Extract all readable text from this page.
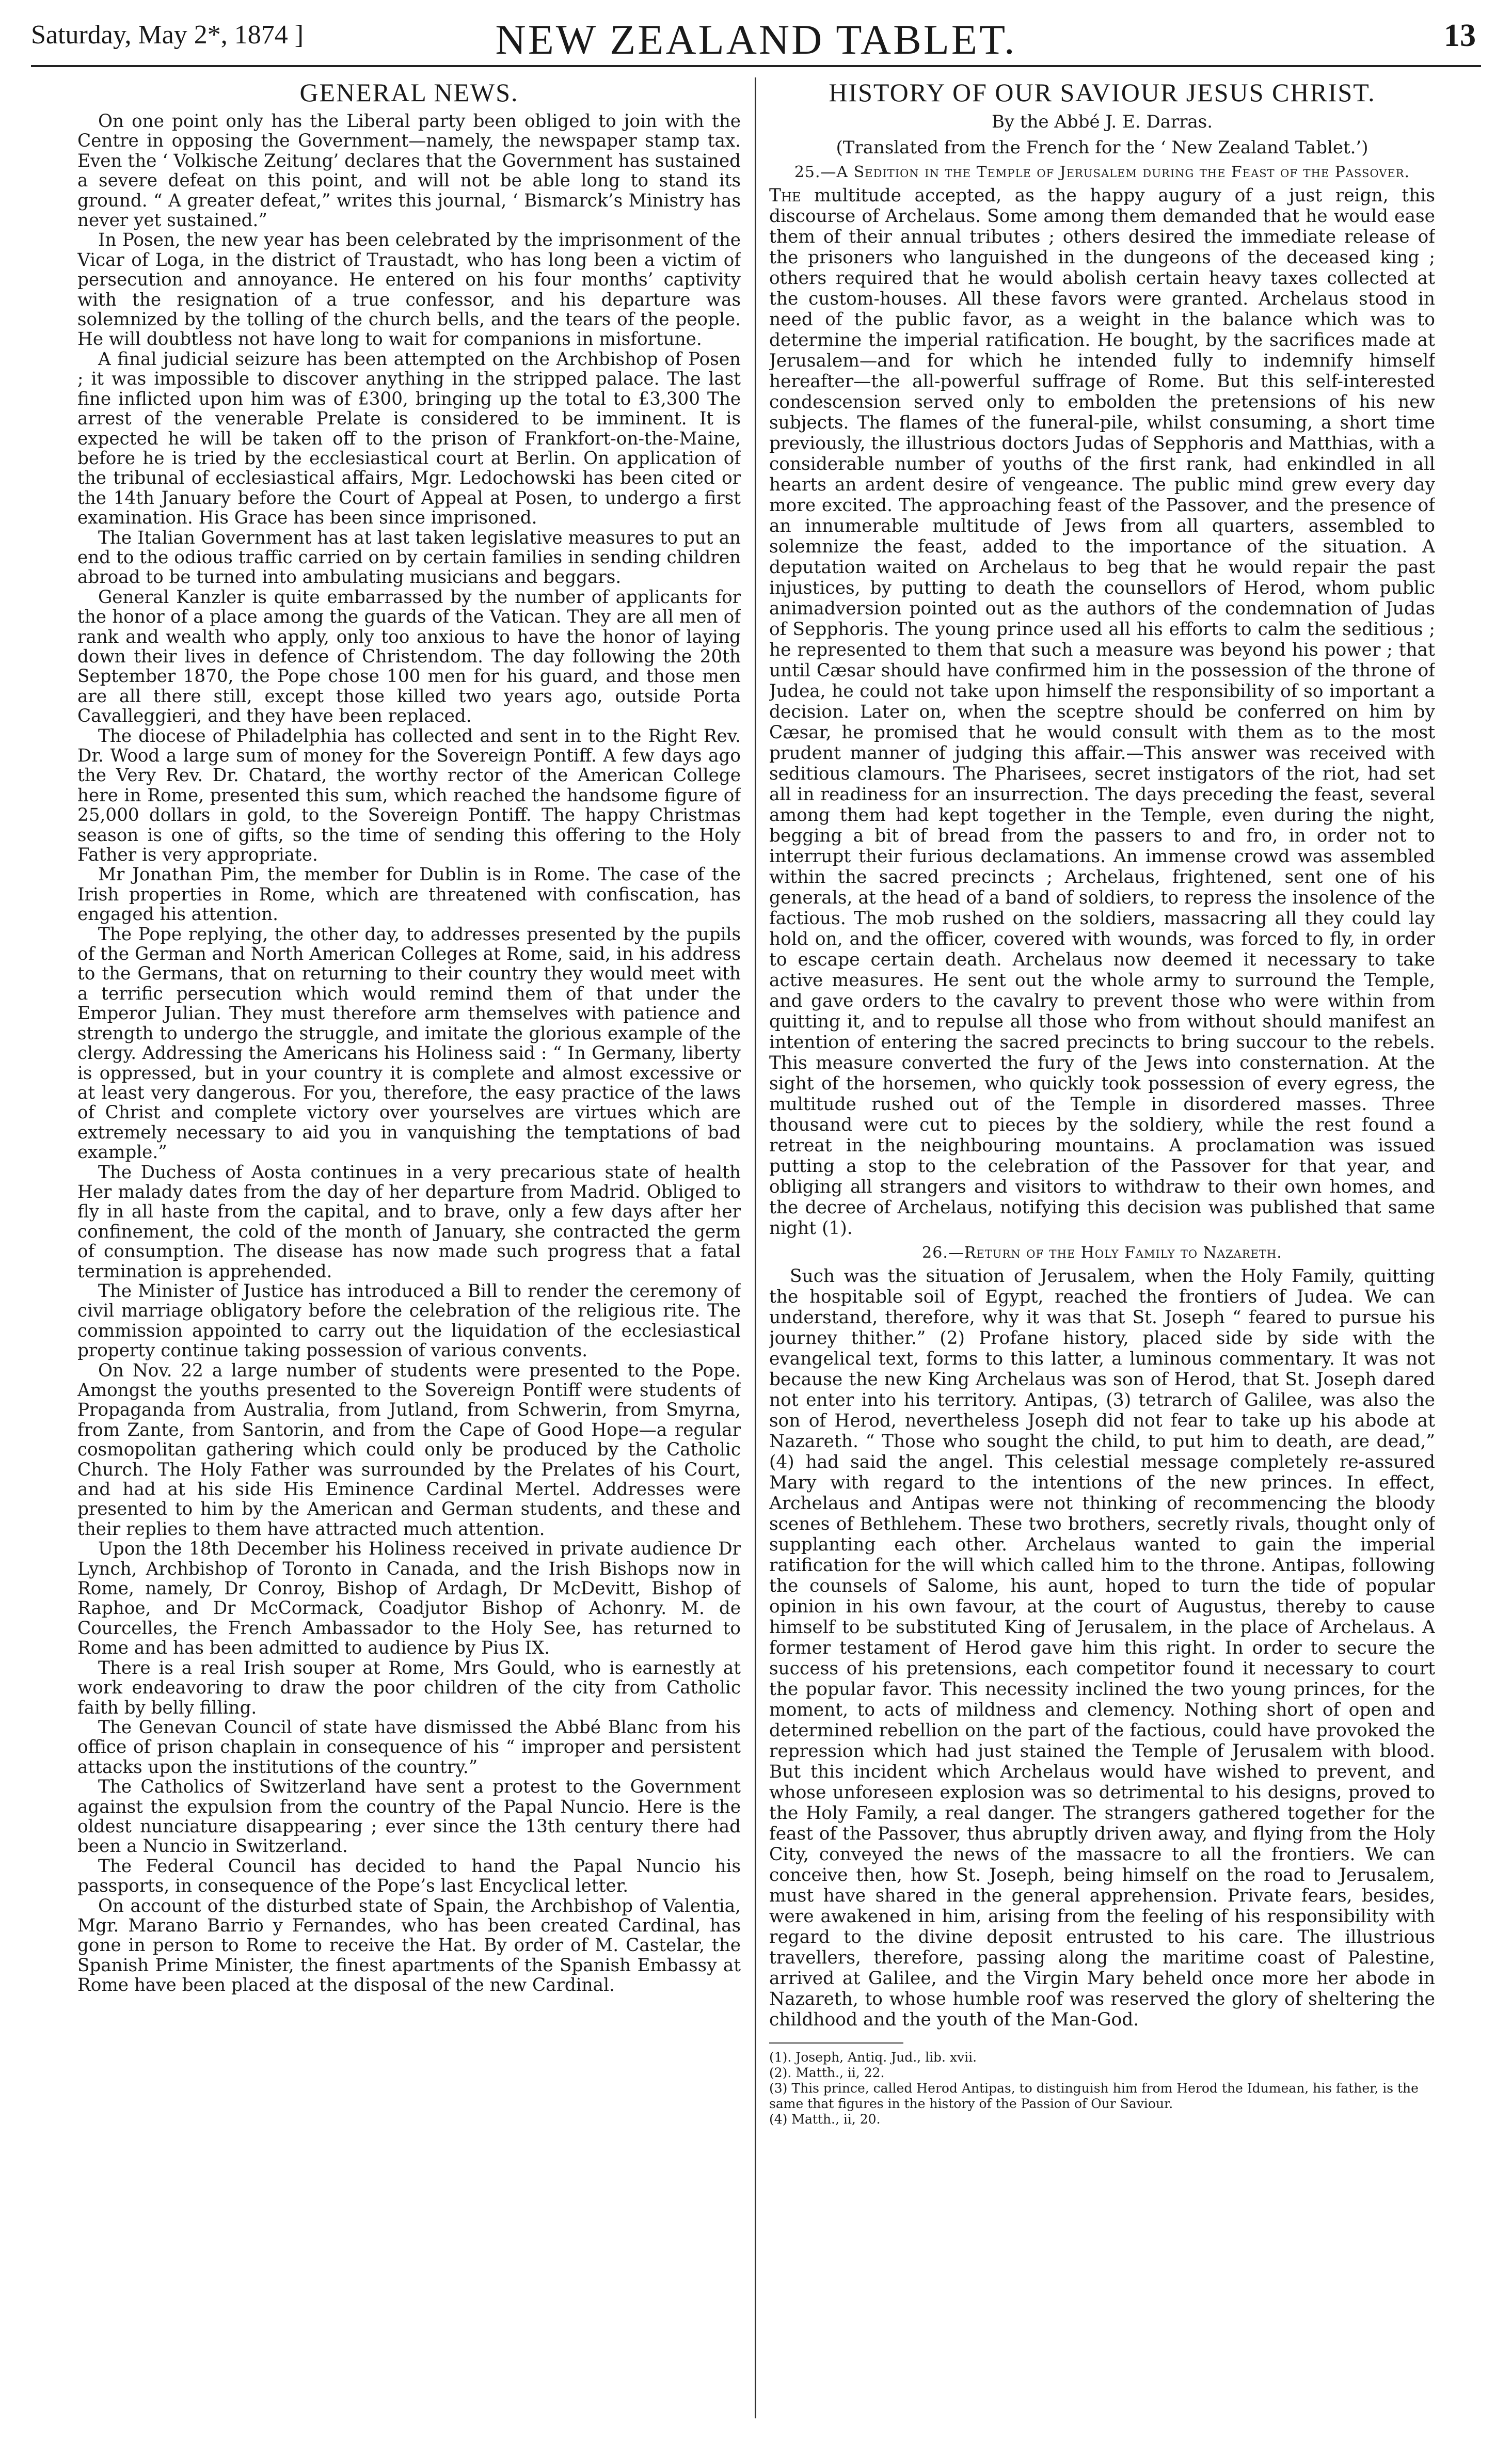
Saturday, May 2*, 1874 ]	NEW ZEALAND TABLET.	13
GENERAL NEWS.

On one point only has the Liberal party been obliged to join with the Centre in opposing the Government—namely, the newspaper stamp tax. Even the ‘ Volkische Zeitung’ declares that the Government has sustained a severe defeat on this point, and will not be able long to stand its ground. “ A greater defeat,” writes this journal, ‘ Bismarck’s Ministry has never yet sustained.”

In Posen, the new year has been celebrated by the imprisonment of the Vicar of Loga, in the district of Traustadt, who has long been a victim of persecution and annoyance. He entered on his four months’ captivity with the resignation of a true confessor, and his departure was solemnized by the tolling of the church bells, and the tears of the people. He will doubtless not have long to wait for companions in misfortune.

A final judicial seizure has been attempted on the Archbishop of Posen ; it was impossible to discover anything in the stripped palace. The last fine inflicted upon him was of £300, bringing up the total to £3,300 The arrest of the venerable Prelate is considered to be imminent. It is expected he will be taken off to the prison of Frankfort-on-the-Maine, before he is tried by the ecclesiastical court at Berlin. On application of the tribunal of ecclesiastical affairs, Mgr. Ledochowski has been cited or the 14th January before the Court of Appeal at Posen, to undergo a first examination. His Grace has been since imprisoned.

The Italian Government has at last taken legislative measures to put an end to the odious traffic carried on by certain families in sending children abroad to be turned into ambulating musicians and beggars.

General Kanzler is quite embarrassed by the number of applicants for the honor of a place among the guards of the Vatican. They are all men of rank and wealth who apply, only too anxious to have the honor of laying down their lives in defence of Christendom. The day following the 20th September 1870, the Pope chose 100 men for his guard, and those men are all there still, except those killed two years ago, outside Porta Cavalleggieri, and they have been replaced.

The diocese of Philadelphia has collected and sent in to the Right Rev. Dr. Wood a large sum of money for the Sovereign Pontiff. A few days ago the Very Rev. Dr. Chatard, the worthy rector of the American College here in Rome, presented this sum, which reached the handsome figure of 25,000 dollars in gold, to the Sovereign Pontiff. The happy Christmas season is one of gifts, so the time of sending this offering to the Holy Father is very appropriate.

Mr Jonathan Pim, the member for Dublin is in Rome. The case of the Irish properties in Rome, which are threatened with confiscation, has engaged his attention.

The Pope replying, the other day, to addresses presented by the pupils of the German and North American Colleges at Rome, said, in his address to the Germans, that on returning to their country they would meet with a terrific persecution which would remind them of that under the Emperor Julian. They must therefore arm themselves with patience and strength to undergo the struggle, and imitate the glorious example of the clergy. Addressing the Americans his Holiness said : “ In Germany, liberty is oppressed, but in your country it is complete and almost excessive or at least very dangerous. For you, therefore, the easy practice of the laws of Christ and complete victory over yourselves are virtues which are extremely necessary to aid you in vanquishing the temptations of bad example.”

The Duchess of Aosta continues in a very precarious state of health Her malady dates from the day of her departure from Madrid. Obliged to fly in all haste from the capital, and to brave, only a few days after her confinement, the cold of the month of January, she contracted the germ of consumption. The disease has now made such progress that a fatal termination is apprehended.

The Minister of Justice has introduced a Bill to render the ceremony of civil marriage obligatory before the celebration of the religious rite. The commission appointed to carry out the liquidation of the ecclesiastical property continue taking possession of various convents.

On Nov. 22 a large number of students were presented to the Pope. Amongst the youths presented to the Sovereign Pontiff were students of Propaganda from Australia, from Jutland, from Schwerin, from Smyrna, from Zante, from Santorin, and from the Cape of Good Hope—a regular cosmopolitan gathering which could only be produced by the Catholic Church. The Holy Father was surrounded by the Prelates of his Court, and had at his side His Eminence Cardinal Mertel. Addresses were presented to him by the American and German students, and these and their replies to them have attracted much attention.

Upon the 18th December his Holiness received in private audience Dr Lynch, Archbishop of Toronto in Canada, and the Irish Bishops now in Rome, namely, Dr Conroy, Bishop of Ardagh, Dr McDevitt, Bishop of Raphoe, and Dr McCormack, Coadjutor Bishop of Achonry. M. de Courcelles, the French Ambassador to the Holy See, has returned to Rome and has been admitted to audience by Pius IX.

There is a real Irish souper at Rome, Mrs Gould, who is earnestly at work endeavoring to draw the poor children of the city from Catholic faith by belly filling.

The Genevan Council of state have dismissed the Abbé Blanc from his office of prison chaplain in consequence of his “ improper and persistent attacks upon the institutions of the country.”

The Catholics of Switzerland have sent a protest to the Government against the expulsion from the country of the Papal Nuncio. Here is the oldest nunciature disappearing ; ever since the 13th century there had been a Nuncio in Switzerland.

The Federal Council has decided to hand the Papal Nuncio his passports, in consequence of the Pope’s last Encyclical letter.

On account of the disturbed state of Spain, the Archbishop of Valentia, Mgr. Marano Barrio y Fernandes, who has been created Cardinal, has gone in person to Rome to receive the Hat. By order of M. Castelar, the Spanish Prime Minister, the finest apartments of the Spanish Embassy at Rome have been placed at the disposal of the new Cardinal.

HISTORY OF OUR SAVIOUR JESUS CHRIST.
By the Abbé J. E. Darras.
(Translated from the French for the ‘ New Zealand Tablet.’)
25.—A Sedition in the Temple of Jerusalem during the Feast of the Passover.

The multitude accepted, as the happy augury of a just reign, this discourse of Archelaus. Some among them demanded that he would ease them of their annual tributes ; others desired the immediate release of the prisoners who languished in the dungeons of the deceased king ; others required that he would abolish certain heavy taxes collected at the custom-houses. All these favors were granted. Archelaus stood in need of the public favor, as a weight in the balance which was to determine the imperial ratification. He bought, by the sacrifices made at Jerusalem—and for which he intended fully to indemnify himself hereafter—the all-powerful suffrage of Rome. But this self-interested condescension served only to embolden the pretensions of his new subjects. The flames of the funeral-pile, whilst consuming, a short time previously, the illustrious doctors Judas of Sepphoris and Matthias, with a considerable number of youths of the first rank, had enkindled in all hearts an ardent desire of vengeance. The public mind grew every day more excited. The approaching feast of the Passover, and the presence of an innumerable multitude of Jews from all quarters, assembled to solemnize the feast, added to the importance of the situation. A deputation waited on Archelaus to beg that he would repair the past injustices, by putting to death the counsellors of Herod, whom public animadversion pointed out as the authors of the condemnation of Judas of Sepphoris. The young prince used all his efforts to calm the seditious ; he represented to them that such a measure was beyond his power ; that until Cæsar should have confirmed him in the possession of the throne of Judea, he could not take upon himself the responsibility of so important a decision. Later on, when the sceptre should be conferred on him by Cæsar, he promised that he would consult with them as to the most prudent manner of judging this affair.—This answer was received with seditious clamours. The Pharisees, secret instigators of the riot, had set all in readiness for an insurrection. The days preceding the feast, several among them had kept together in the Temple, even during the night, begging a bit of bread from the passers to and fro, in order not to interrupt their furious declamations. An immense crowd was assembled within the sacred precincts ; Archelaus, frightened, sent one of his generals, at the head of a band of soldiers, to repress the insolence of the factious. The mob rushed on the soldiers, massacring all they could lay hold on, and the officer, covered with wounds, was forced to fly, in order to escape certain death. Archelaus now deemed it necessary to take active measures. He sent out the whole army to surround the Temple, and gave orders to the cavalry to prevent those who were within from quitting it, and to repulse all those who from without should manifest an intention of entering the sacred precincts to bring succour to the rebels. This measure converted the fury of the Jews into consternation. At the sight of the horsemen, who quickly took possession of every egress, the multitude rushed out of the Temple in disordered masses. Three thousand were cut to pieces by the soldiery, while the rest found a retreat in the neighbouring mountains. A proclamation was issued putting a stop to the celebration of the Passover for that year, and obliging all strangers and visitors to withdraw to their own homes, and the decree of Archelaus, notifying this decision was published that same night (1).

26.—Return of the Holy Family to Nazareth.

Such was the situation of Jerusalem, when the Holy Family, quitting the hospitable soil of Egypt, reached the frontiers of Judea. We can understand, therefore, why it was that St. Joseph “ feared to pursue his journey thither.” (2) Profane history, placed side by side with the evangelical text, forms to this latter, a luminous commentary. It was not because the new King Archelaus was son of Herod, that St. Joseph dared not enter into his territory. Antipas, (3) tetrarch of Galilee, was also the son of Herod, nevertheless Joseph did not fear to take up his abode at Nazareth. “ Those who sought the child, to put him to death, are dead,” (4) had said the angel. This celestial message completely re-assured Mary with regard to the intentions of the new princes. In effect, Archelaus and Antipas were not thinking of recommencing the bloody scenes of Bethlehem. These two brothers, secretly rivals, thought only of supplanting each other. Archelaus wanted to gain the imperial ratification for the will which called him to the throne. Antipas, following the counsels of Salome, his aunt, hoped to turn the tide of popular opinion in his own favour, at the court of Augustus, thereby to cause himself to be substituted King of Jerusalem, in the place of Archelaus. A former testament of Herod gave him this right. In order to secure the success of his pretensions, each competitor found it necessary to court the popular favor. This necessity inclined the two young princes, for the moment, to acts of mildness and clemency. Nothing short of open and determined rebellion on the part of the factious, could have provoked the repression which had just stained the Temple of Jerusalem with blood. But this incident which Archelaus would have wished to prevent, and whose unforeseen explosion was so detrimental to his designs, proved to the Holy Family, a real danger. The strangers gathered together for the feast of the Passover, thus abruptly driven away, and flying from the Holy City, conveyed the news of the massacre to all the frontiers. We can conceive then, how St. Joseph, being himself on the road to Jerusalem, must have shared in the general apprehension. Private fears, besides, were awakened in him, arising from the feeling of his responsibility with regard to the divine deposit entrusted to his care. The illustrious travellers, therefore, passing along the maritime coast of Palestine, arrived at Galilee, and the Virgin Mary beheld once more her abode in Nazareth, to whose humble roof was reserved the glory of sheltering the childhood and the youth of the Man-God.

(1). Joseph, Antiq. Jud., lib. xvii.
(2). Matth., ii, 22.
(3) This prince, called Herod Antipas, to distinguish him from Herod the Idumean, his father, is the same that figures in the history of the Passion of Our Saviour.
(4) Matth., ii, 20.
